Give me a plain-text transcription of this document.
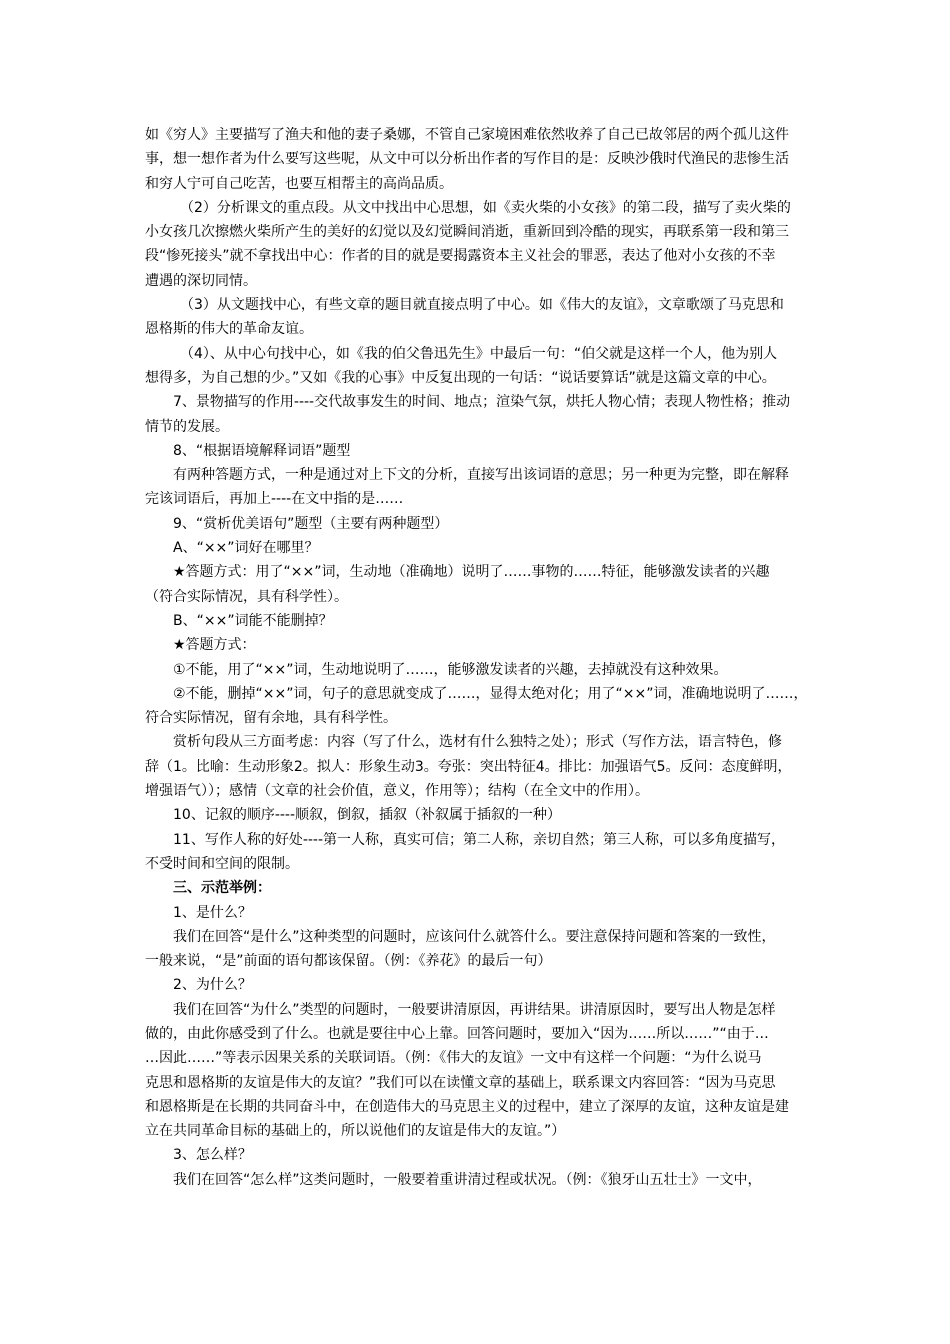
如《穷人》主要描写了渔夫和他的妻子桑娜，不管自己家境困难依然收养了自己已故邻居的两个孤儿这件
事，想一想作者为什么要写这些呢，从文中可以分析出作者的写作目的是：反映沙俄时代渔民的悲惨生活
和穷人宁可自己吃苦，也要互相帮主的高尚品质。
（2）分析课文的重点段。从文中找出中心思想，如《卖火柴的小女孩》的第二段，描写了卖火柴的
小女孩几次擦燃火柴所产生的美好的幻觉以及幻觉瞬间消逝，重新回到冷酷的现实，再联系第一段和第三
段“惨死接头”就不拿找出中心：作者的目的就是要揭露资本主义社会的罪恶，表达了他对小女孩的不幸
遭遇的深切同情。
（3）从文题找中心，有些文章的题目就直接点明了中心。如《伟大的友谊》，文章歌颂了马克思和
恩格斯的伟大的革命友谊。
（4）、从中心句找中心，如《我的伯父鲁迅先生》中最后一句：“伯父就是这样一个人，他为别人
想得多，为自己想的少。”又如《我的心事》中反复出现的一句话：“说话要算话”就是这篇文章的中心。
7、景物描写的作用----交代故事发生的时间、地点；渲染气氛，烘托人物心情；表现人物性格；推动
情节的发展。
8、“根据语境解释词语”题型
有两种答题方式，一种是通过对上下文的分析，直接写出该词语的意思；另一种更为完整，即在解释
完该词语后，再加上----在文中指的是……
9、“赏析优美语句”题型（主要有两种题型）
A、“××”词好在哪里？
★答题方式：用了“××”词，生动地（准确地）说明了……事物的……特征，能够激发读者的兴趣
（符合实际情况，具有科学性）。
B、“××”词能不能删掉？
★答题方式：
①不能，用了“××”词，生动地说明了……，能够激发读者的兴趣，去掉就没有这种效果。
②不能，删掉“××”词，句子的意思就变成了……，显得太绝对化；用了“××”词，准确地说明了……，
符合实际情况，留有余地，具有科学性。
赏析句段从三方面考虑：内容（写了什么，选材有什么独特之处）；形式（写作方法，语言特色，修
辞（1。比喻：生动形象2。拟人：形象生动3。夸张：突出特征4。排比：加强语气5。反问：态度鲜明，
增强语气））；感情（文章的社会价值，意义，作用等）；结构（在全文中的作用）。
10、记叙的顺序----顺叙，倒叙，插叙（补叙属于插叙的一种）
11、写作人称的好处----第一人称，真实可信；第二人称，亲切自然；第三人称，可以多角度描写，
不受时间和空间的限制。
三、示范举例：
1、是什么？
我们在回答“是什么”这种类型的问题时，应该问什么就答什么。要注意保持问题和答案的一致性，
一般来说，“是”前面的语句都该保留。（例：《养花》的最后一句）
2、为什么？
我们在回答“为什么”类型的问题时，一般要讲清原因，再讲结果。讲清原因时，要写出人物是怎样
做的，由此你感受到了什么。也就是要往中心上靠。回答问题时，要加入“因为……所以……”“由于…
…因此……”等表示因果关系的关联词语。（例：《伟大的友谊》一文中有这样一个问题：“为什么说马
克思和恩格斯的友谊是伟大的友谊？”我们可以在读懂文章的基础上，联系课文内容回答：“因为马克思
和恩格斯是在长期的共同奋斗中，在创造伟大的马克思主义的过程中，建立了深厚的友谊，这种友谊是建
立在共同革命目标的基础上的，所以说他们的友谊是伟大的友谊。”）
3、怎么样？
我们在回答“怎么样”这类问题时，一般要着重讲清过程或状况。（例：《狼牙山五壮士》一文中，
